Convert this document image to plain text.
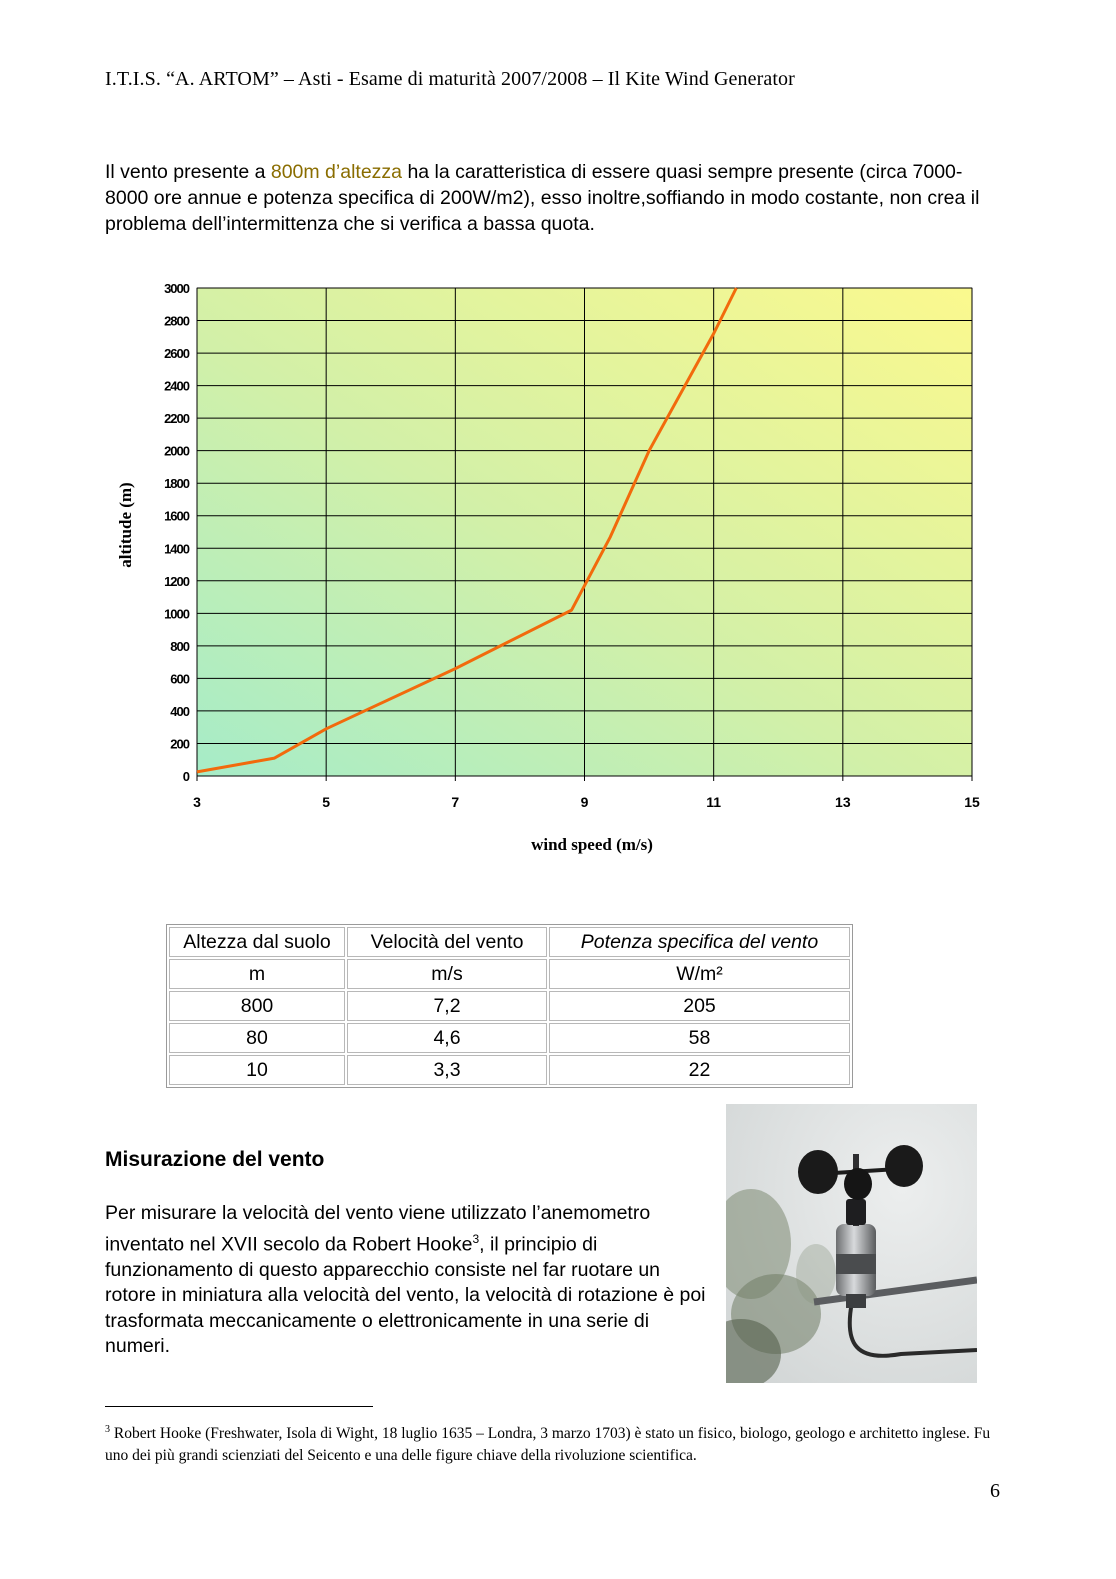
I.T.I.S. “A. ARTOM” – Asti - Esame di maturità 2007/2008 – Il Kite Wind Generator
Il vento presente a 800m d’altezza ha la caratteristica di essere quasi sempre presente (circa 7000-8000 ore annue e potenza specifica di 200W/m2), esso inoltre,soffiando in modo costante, non crea il problema dell’intermittenza che si verifica a bassa quota.
0
200
400
600
800
1000
1200
1400
1600
1800
2000
2200
2400
2600
2800
3000
3	5	7	9	11	13	15
wind speed (m/s)
altitude (m)
Altezza dal suolo	Velocità del vento	Potenza specifica del vento
m	m/s	W/m²
800	7,2	205
80	4,6	58
10	3,3	22
Misurazione del vento
Per misurare la velocità del vento viene utilizzato l’anemometro inventato nel XVII secolo da Robert Hooke$^3$, il principio di funzionamento di questo apparecchio consiste nel far ruotare un rotore in miniatura alla velocità del vento, la velocità di rotazione è poi trasformata meccanicamente o elettronicamente in una serie di numeri.
$^3$ Robert Hooke (Freshwater, Isola di Wight, 18 luglio 1635 – Londra, 3 marzo 1703) è stato un fisico, biologo, geologo e architetto inglese. Fu uno dei più grandi scienziati del Seicento e una delle figure chiave della rivoluzione scientifica.
6
